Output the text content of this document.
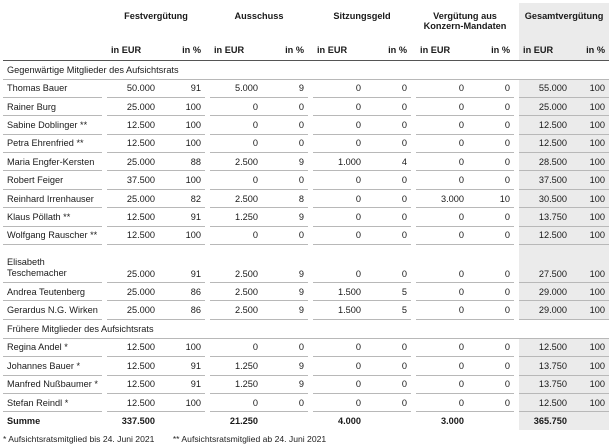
		Festvergütung			Ausschuss			Sitzungsgeld			Vergütung aus Konzern-Mandaten			Gesamtvergütung	
		in EUR	in %		in EUR	in %		in EUR	in %		in EUR	in %		in EUR	in %
Gegenwärtige Mitglieder des Aufsichtsrats															
Thomas Bauer		50.000	91		5.000	9		0	0		0	0		55.000	100
Rainer Burg		25.000	100		0	0		0	0		0	0		25.000	100
Sabine Doblinger **		12.500	100		0	0		0	0		0	0		12.500	100
Petra Ehrenfried **		12.500	100		0	0		0	0		0	0		12.500	100
Maria Engfer-Kersten		25.000	88		2.500	9		1.000	4		0	0		28.500	100
Robert Feiger		37.500	100		0	0		0	0		0	0		37.500	100
Reinhard Irrenhauser		25.000	82		2.500	8		0	0		3.000	10		30.500	100
Klaus Pöllath **		12.500	91		1.250	9		0	0		0	0		13.750	100
Wolfgang Rauscher **		12.500	100		0	0		0	0		0	0		12.500	100
Elisabeth Teschemacher		25.000	91		2.500	9		0	0		0	0		27.500	100
Andrea Teutenberg		25.000	86		2.500	9		1.500	5		0	0		29.000	100
Gerardus N.G. Wirken		25.000	86		2.500	9		1.500	5		0	0		29.000	100
Frühere Mitglieder des Aufsichtsrats															
Regina Andel *		12.500	100		0	0		0	0		0	0		12.500	100
Johannes Bauer *		12.500	91		1.250	9		0	0		0	0		13.750	100
Manfred Nußbaumer *		12.500	91		1.250	9		0	0		0	0		13.750	100
Stefan Reindl *		12.500	100		0	0		0	0		0	0		12.500	100
Summe		337.500			21.250			4.000			3.000			365.750	
* Aufsichtsratsmitglied bis 24. Juni 2021 ** Aufsichtsratsmitglied ab 24. Juni 2021
